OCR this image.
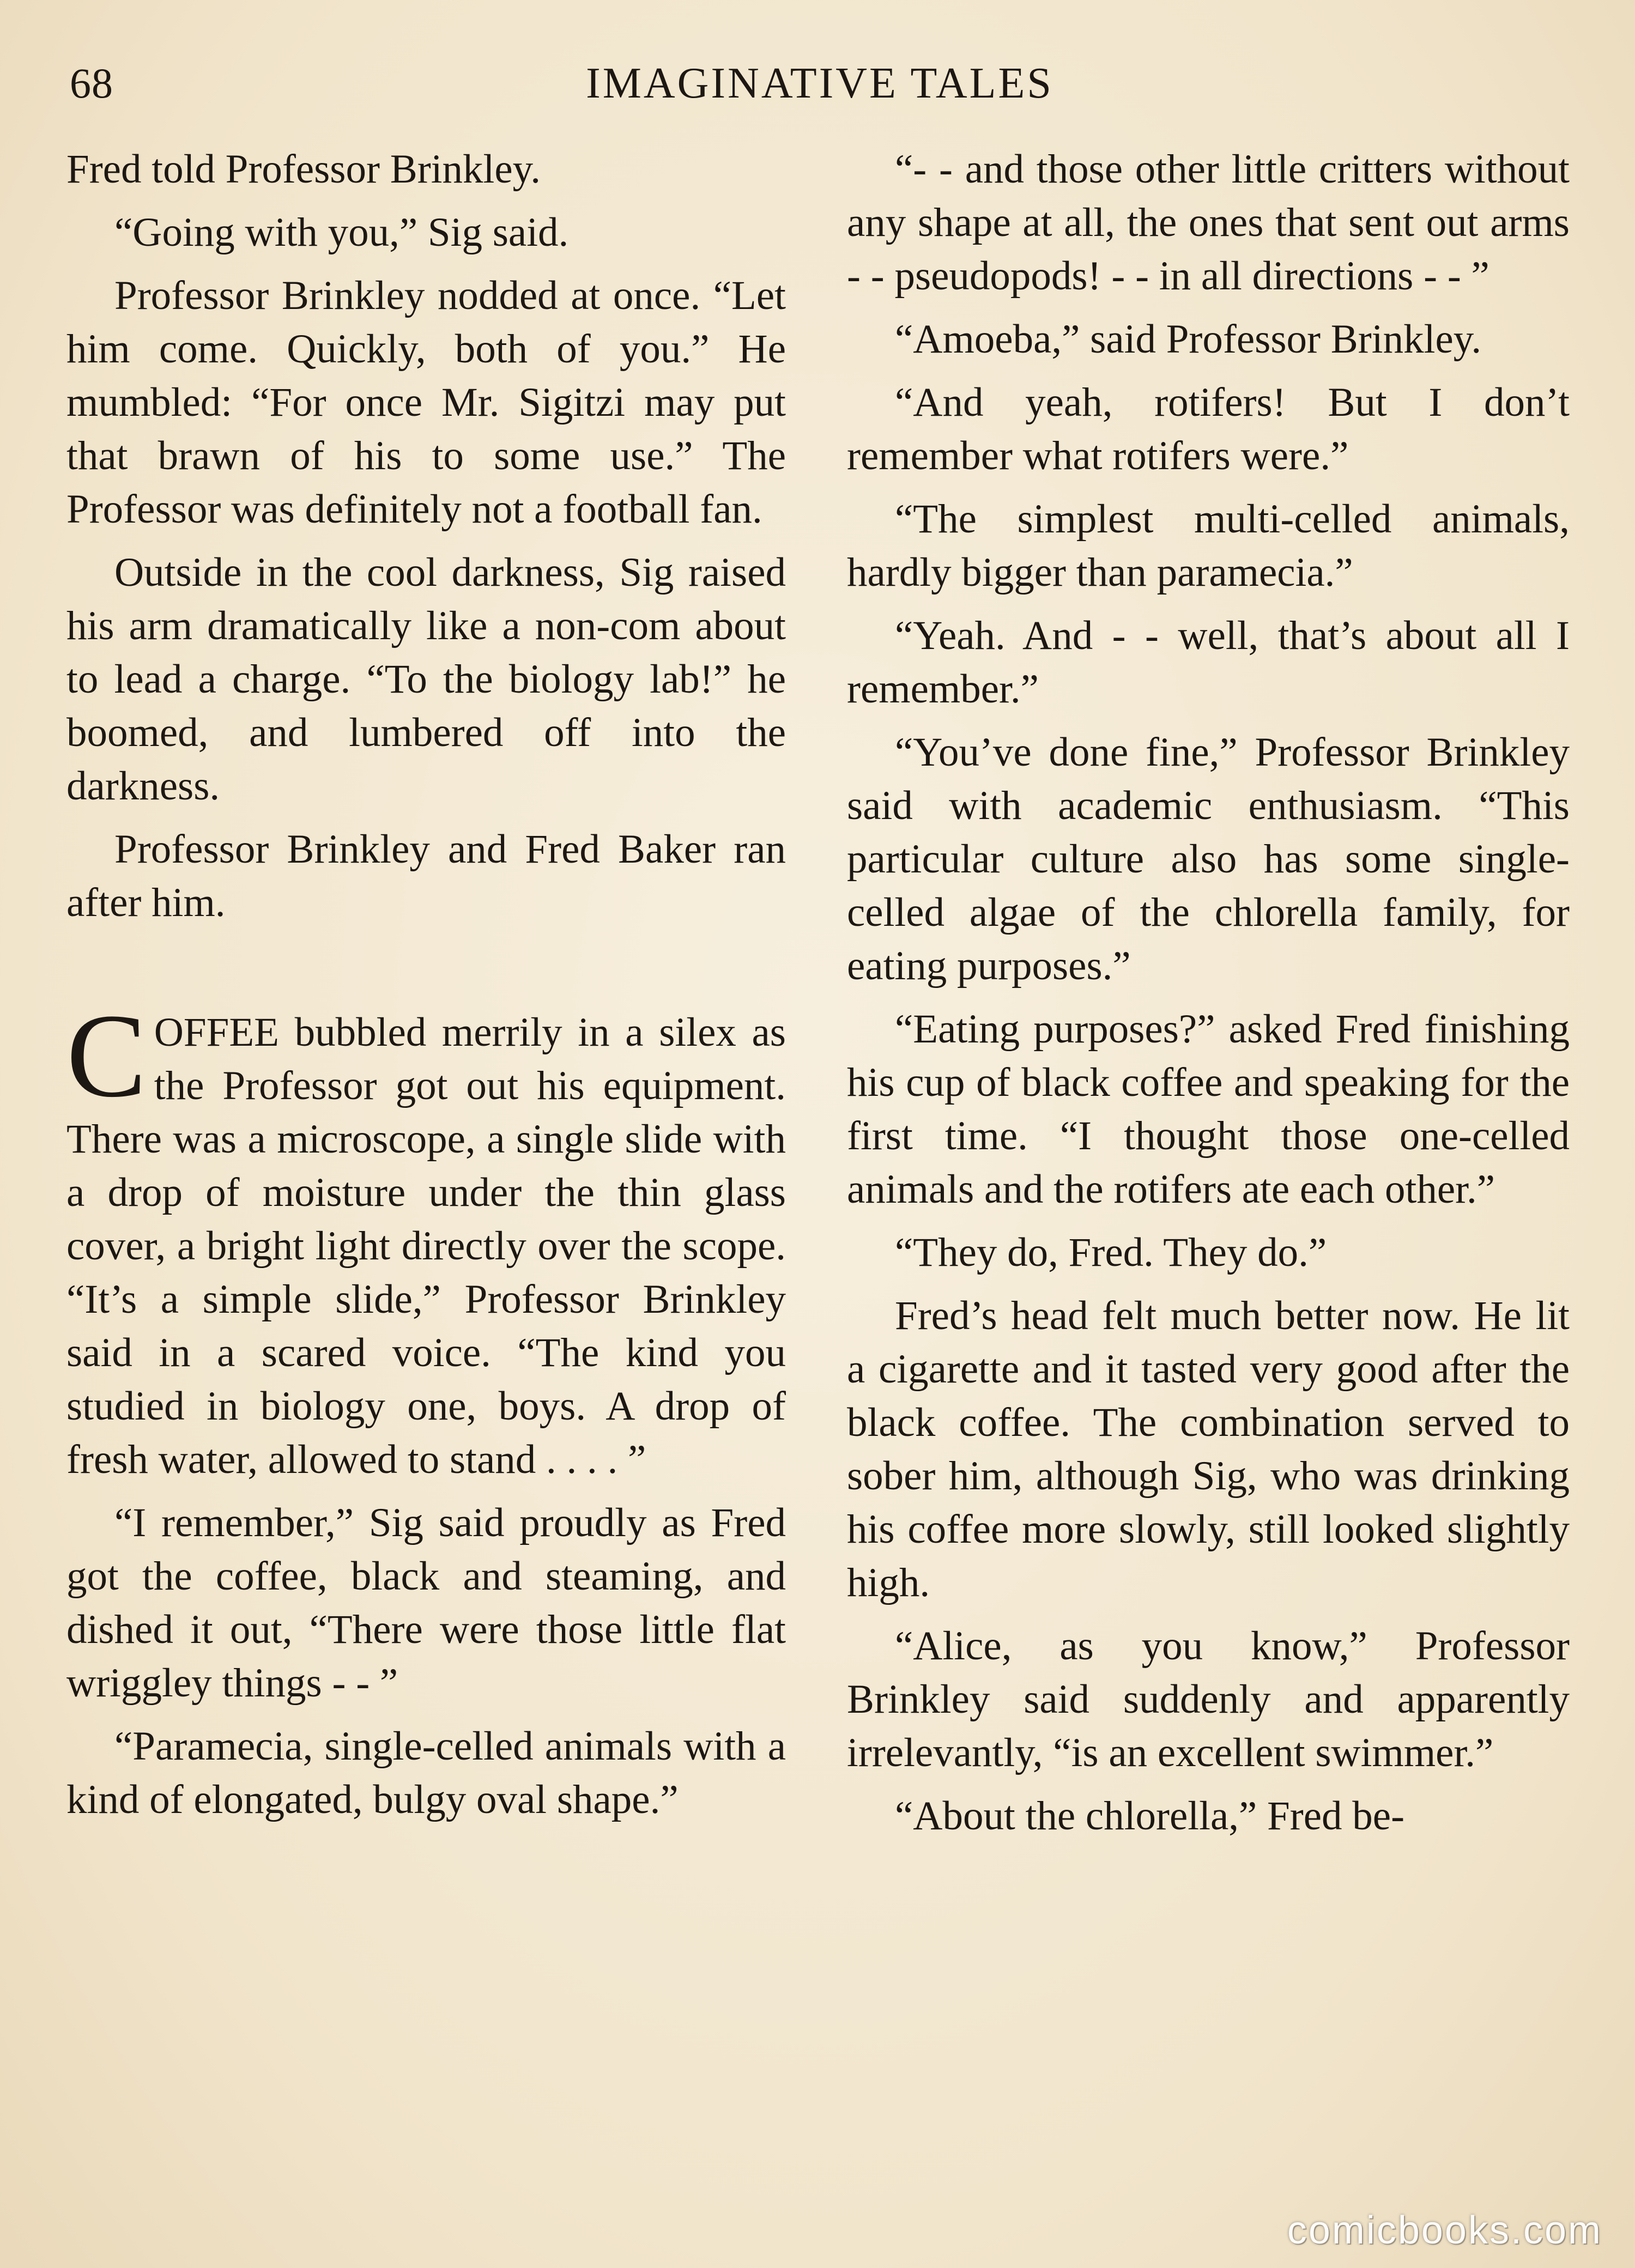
68	IMAGINATIVE TALES

Fred told Professor Brinkley.

“Going with you,” Sig said.

Professor Brinkley nodded at once. “Let him come. Quickly, both of you.” He mumbled: “For once Mr. Sigitzi may put that brawn of his to some use.” The Professor was definitely not a football fan.

Outside in the cool darkness, Sig raised his arm dramatically like a non-com about to lead a charge. “To the biology lab!” he boomed, and lumbered off into the darkness.

Professor Brinkley and Fred Baker ran after him.

COFFEE bubbled merrily in a silex as the Professor got out his equipment. There was a microscope, a single slide with a drop of moisture under the thin glass cover, a bright light directly over the scope. “It’s a simple slide,” Professor Brinkley said in a scared voice. “The kind you studied in biology one, boys. A drop of fresh water, allowed to stand . . . . ”

“I remember,” Sig said proudly as Fred got the coffee, black and steaming, and dished it out, “There were those little flat wriggley things - - ”

“Paramecia, single-celled animals with a kind of elongated, bulgy oval shape.”

“- - and those other little critters without any shape at all, the ones that sent out arms - - pseudopods! - - in all directions - - ”

“Amoeba,” said Professor Brinkley.

“And yeah, rotifers! But I don’t remember what rotifers were.”

“The simplest multi-celled animals, hardly bigger than paramecia.”

“Yeah. And - - well, that’s about all I remember.”

“You’ve done fine,” Professor Brinkley said with academic enthusiasm. “This particular culture also has some single-celled algae of the chlorella family, for eating purposes.”

“Eating purposes?” asked Fred finishing his cup of black coffee and speaking for the first time. “I thought those one-celled animals and the rotifers ate each other.”

“They do, Fred. They do.”

Fred’s head felt much better now. He lit a cigarette and it tasted very good after the black coffee. The combination served to sober him, although Sig, who was drinking his coffee more slowly, still looked slightly high.

“Alice, as you know,” Professor Brinkley said suddenly and apparently irrelevantly, “is an excellent swimmer.”

“About the chlorella,” Fred be-

comicbooks.com
